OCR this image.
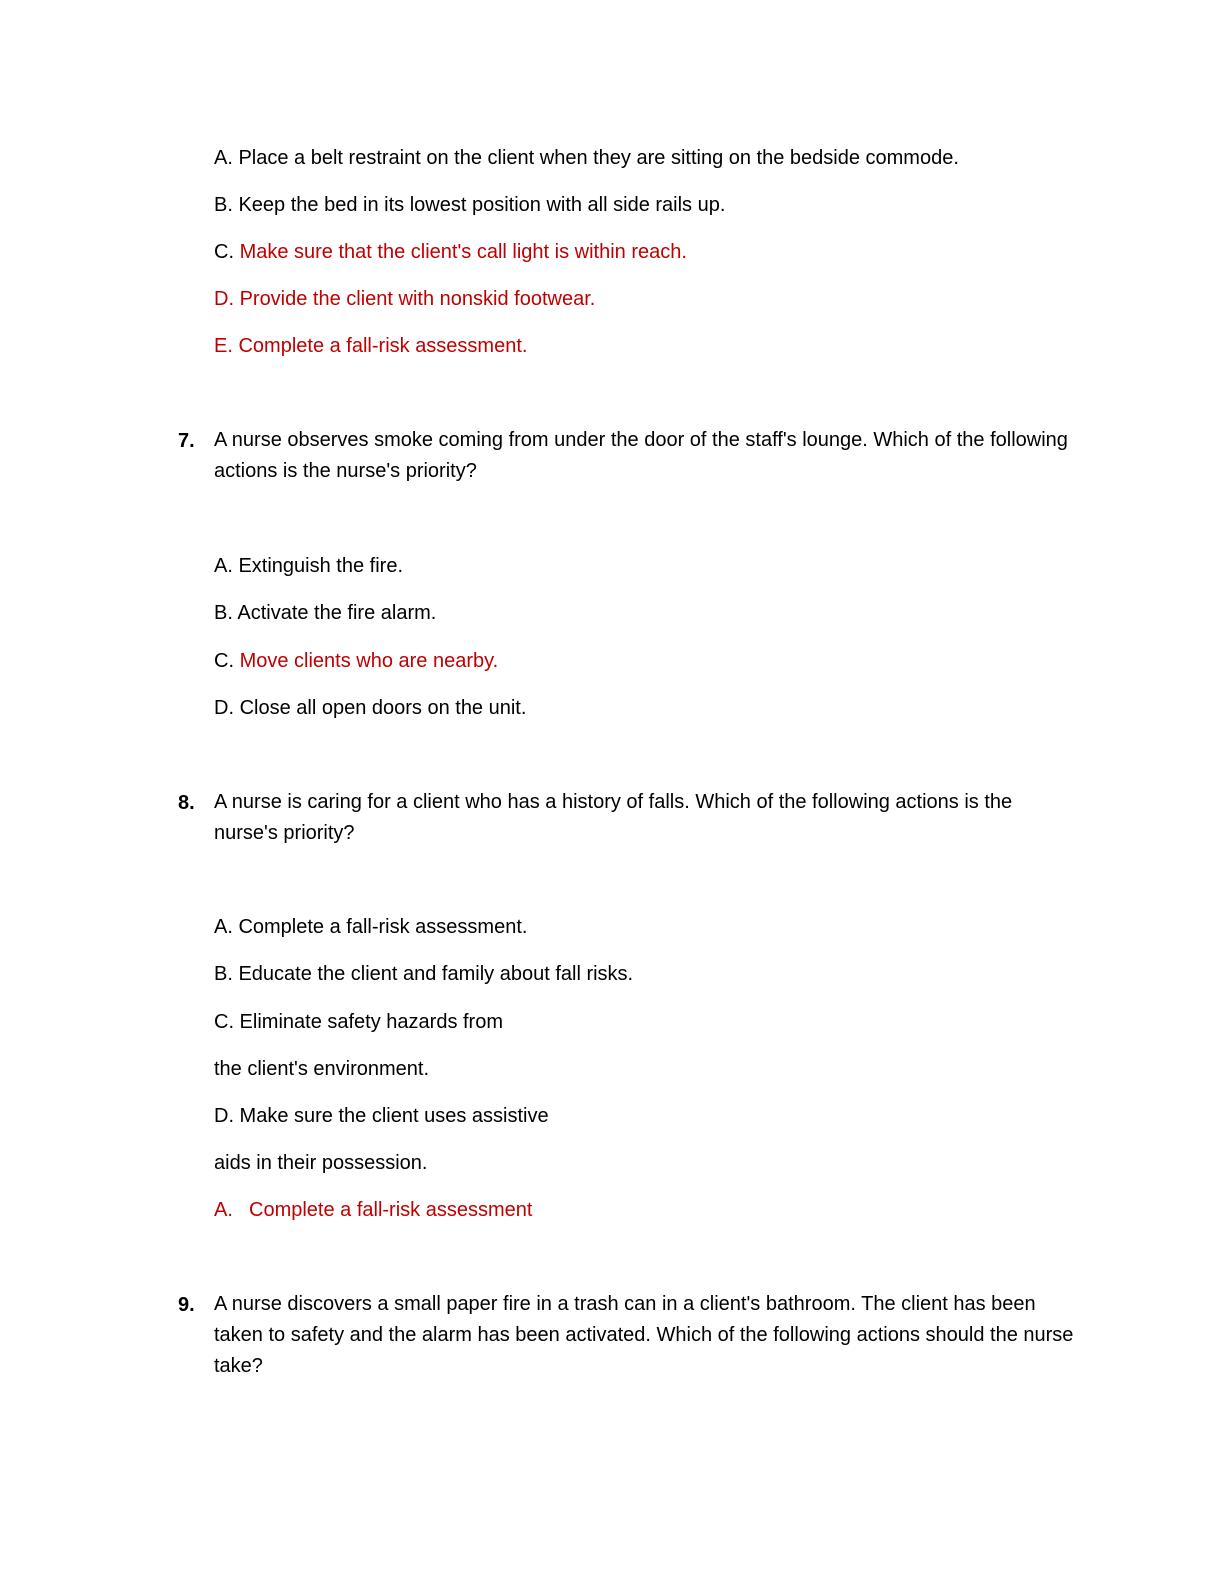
A. Place a belt restraint on the client when they are sitting on the bedside commode.
B. Keep the bed in its lowest position with all side rails up.
C. Make sure that the client's call light is within reach.
D. Provide the client with nonskid footwear.
E. Complete a fall-risk assessment.
7. A nurse observes smoke coming from under the door of the staff's lounge. Which of the following actions is the nurse's priority?
A. Extinguish the fire.
B. Activate the fire alarm.
C. Move clients who are nearby.
D. Close all open doors on the unit.
8. A nurse is caring for a client who has a history of falls. Which of the following actions is the nurse's priority?
A. Complete a fall-risk assessment.
B. Educate the client and family about fall risks.
C. Eliminate safety hazards from
the client's environment.
D. Make sure the client uses assistive
aids in their possession.
A. Complete a fall-risk assessment
9. A nurse discovers a small paper fire in a trash can in a client's bathroom. The client has been taken to safety and the alarm has been activated. Which of the following actions should the nurse take?
